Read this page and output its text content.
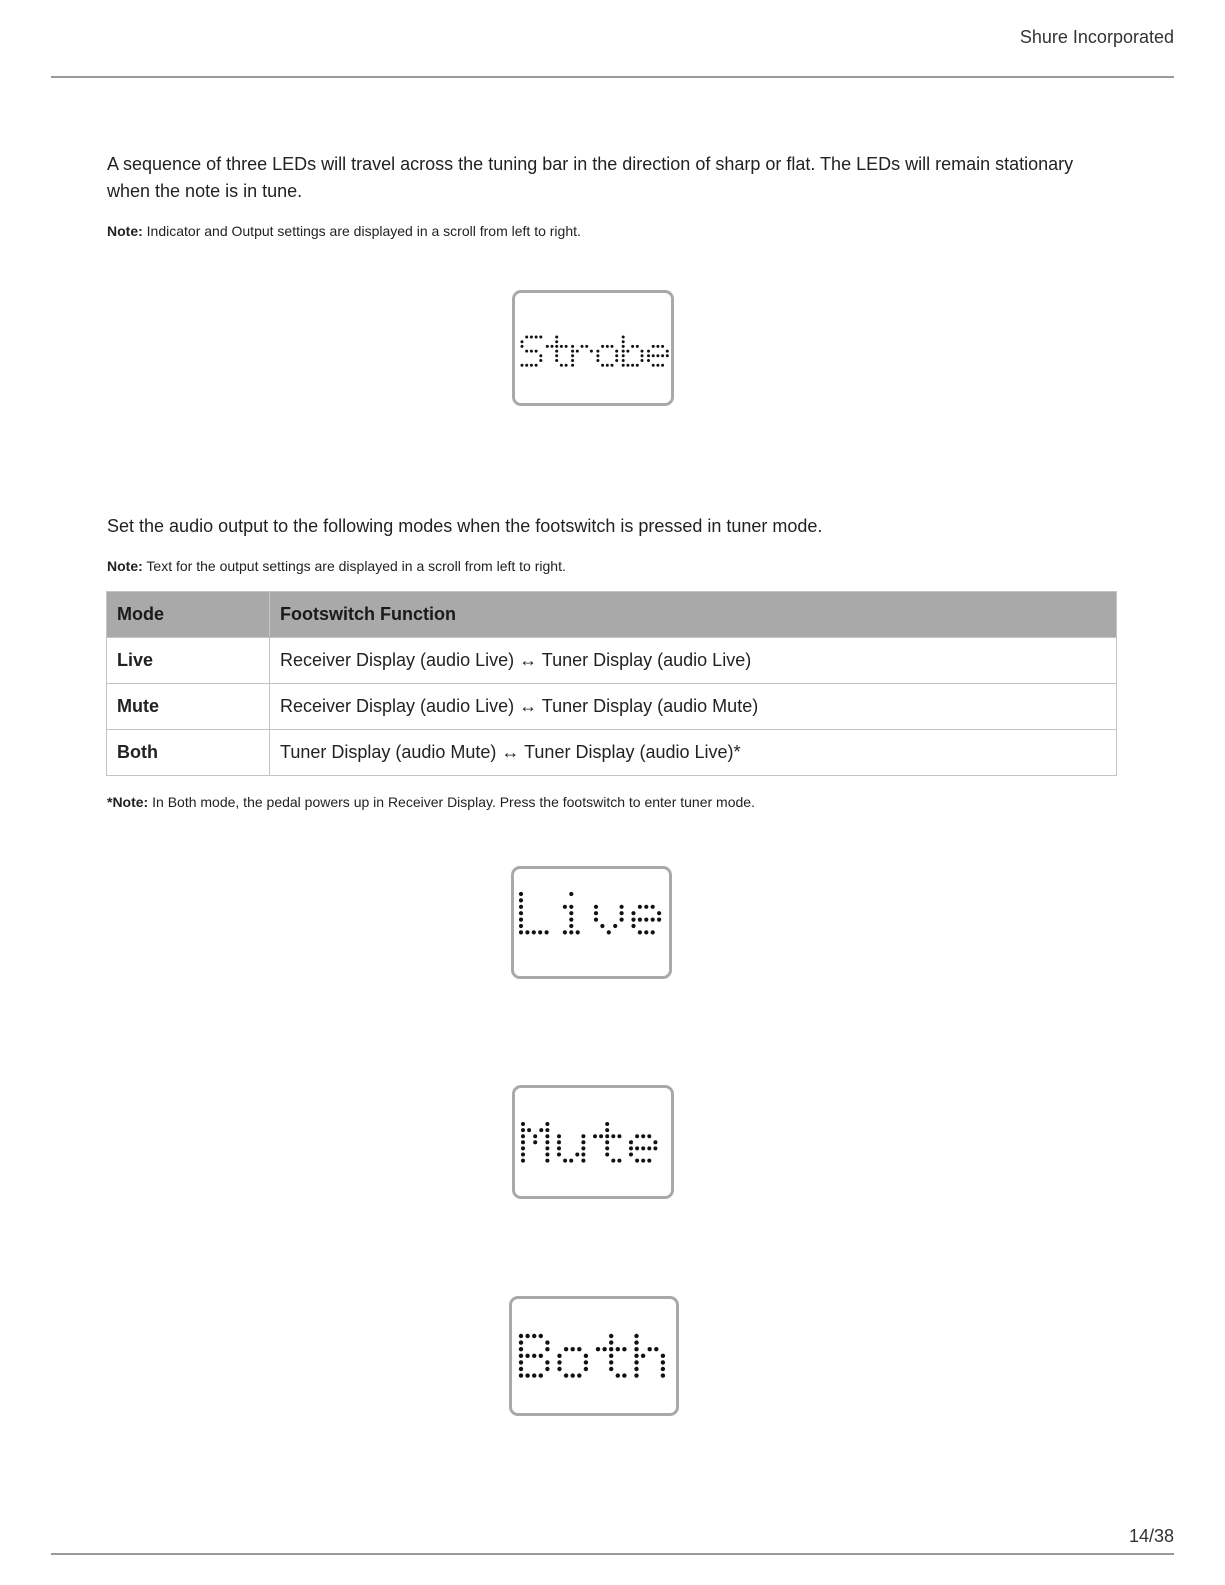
Shure Incorporated

A sequence of three LEDs will travel across the tuning bar in the direction of sharp or flat. The LEDs will remain stationary when the note is in tune.

Note: Indicator and Output settings are displayed in a scroll from left to right.

Set the audio output to the following modes when the footswitch is pressed in tuner mode.

Note: Text for the output settings are displayed in a scroll from left to right.

Mode	Footswitch Function
Live	Receiver Display (audio Live) ↔ Tuner Display (audio Live)
Mute	Receiver Display (audio Live) ↔ Tuner Display (audio Mute)
Both	Tuner Display (audio Mute) ↔ Tuner Display (audio Live)*

*Note: In Both mode, the pedal powers up in Receiver Display. Press the footswitch to enter tuner mode.

14/38
